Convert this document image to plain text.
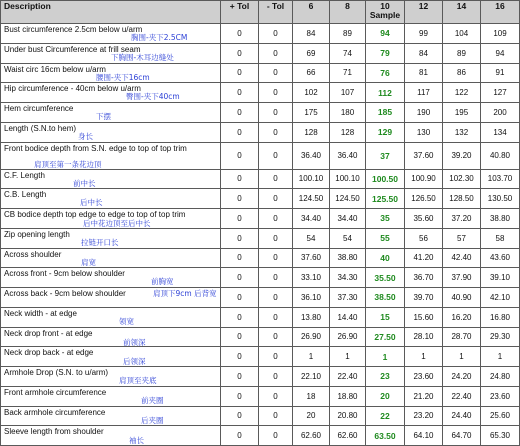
Description	+ Tol	- Tol	6	8	10 Sample	12	14	16

Bust circumference 2.5cm below u/arm
胸围-夹下2.5CM	0	0	84	89	94	99	104	109

Under bust Circumference at frill seam
下胸围-木耳边缝处	0	0	69	74	79	84	89	94

Waist circ 16cm below u/arm
腰围-夹下16cm	0	0	66	71	76	81	86	91

Hip circumference - 40cm below u/arm
臀围-夹下40cm	0	0	102	107	112	117	122	127

Hem circumference
下摆	0	0	175	180	185	190	195	200

Length (S.N.to hem)
身长	0	0	128	128	129	130	132	134

Front bodice depth from S.N. edge to top of top trim
肩顶至第一条花边顶	0	0	36.40	36.40	37	37.60	39.20	40.80

C.F. Length
前中长	0	0	100.10	100.10	100.50	100.90	102.30	103.70

C.B. Length
后中长	0	0	124.50	124.50	125.50	126.50	128.50	130.50

CB bodice depth top edge to edge to top of top trim
后中花边顶至后中长	0	0	34.40	34.40	35	35.60	37.20	38.80

Zip opening length
拉链开口长	0	0	54	54	55	56	57	58

Across shoulder
肩宽	0	0	37.60	38.80	40	41.20	42.40	43.60

Across front - 9cm below shoulder
前胸宽	0	0	33.10	34.30	35.50	36.70	37.90	39.10

Across back - 9cm below shoulder 肩顶下9cm 后背宽	0	0	36.10	37.30	38.50	39.70	40.90	42.10

Neck width - at edge
领宽	0	0	13.80	14.40	15	15.60	16.20	16.80

Neck drop front - at edge
前领深	0	0	26.90	26.90	27.50	28.10	28.70	29.30

Neck drop back - at edge
后领深	0	0	1	1	1	1	1	1

Armhole Drop (S.N. to u/arm)
肩顶至夹底	0	0	22.10	22.40	23	23.60	24.20	24.80

Front armhole circumference
前夹圈	0	0	18	18.80	20	21.20	22.40	23.60

Back armhole circumference
后夹圈	0	0	20	20.80	22	23.20	24.40	25.60

Sleeve length from shoulder
袖长	0	0	62.60	62.60	63.50	64.10	64.70	65.30
